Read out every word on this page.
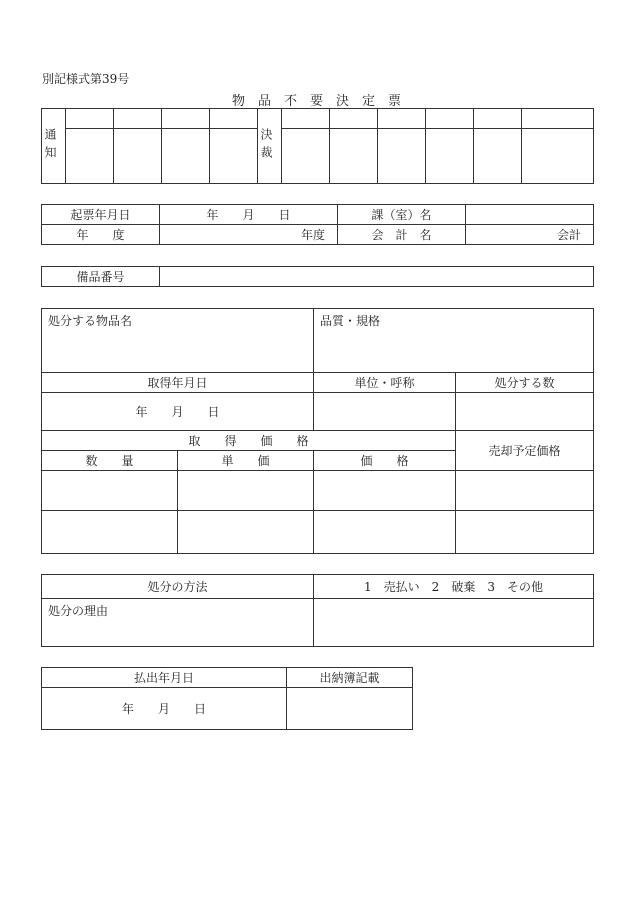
別記様式第39号
物品不要決定票
通知					決裁						

起票年月日	年　　月　　日	課（室）名	
年　　度	年度	会　計　名	会計
備品番号	
処分する物品名		品質・規格	
取得年月日		単位・呼称	処分する数
年　　月　　日			
取　　得　　価　　格			売却予定価格
数　　量	単　　価	価　　格	

処分の方法	1　売払い　2　破棄　3　その他
処分の理由	
払出年月日	出納簿記載
年　　月　　日	
